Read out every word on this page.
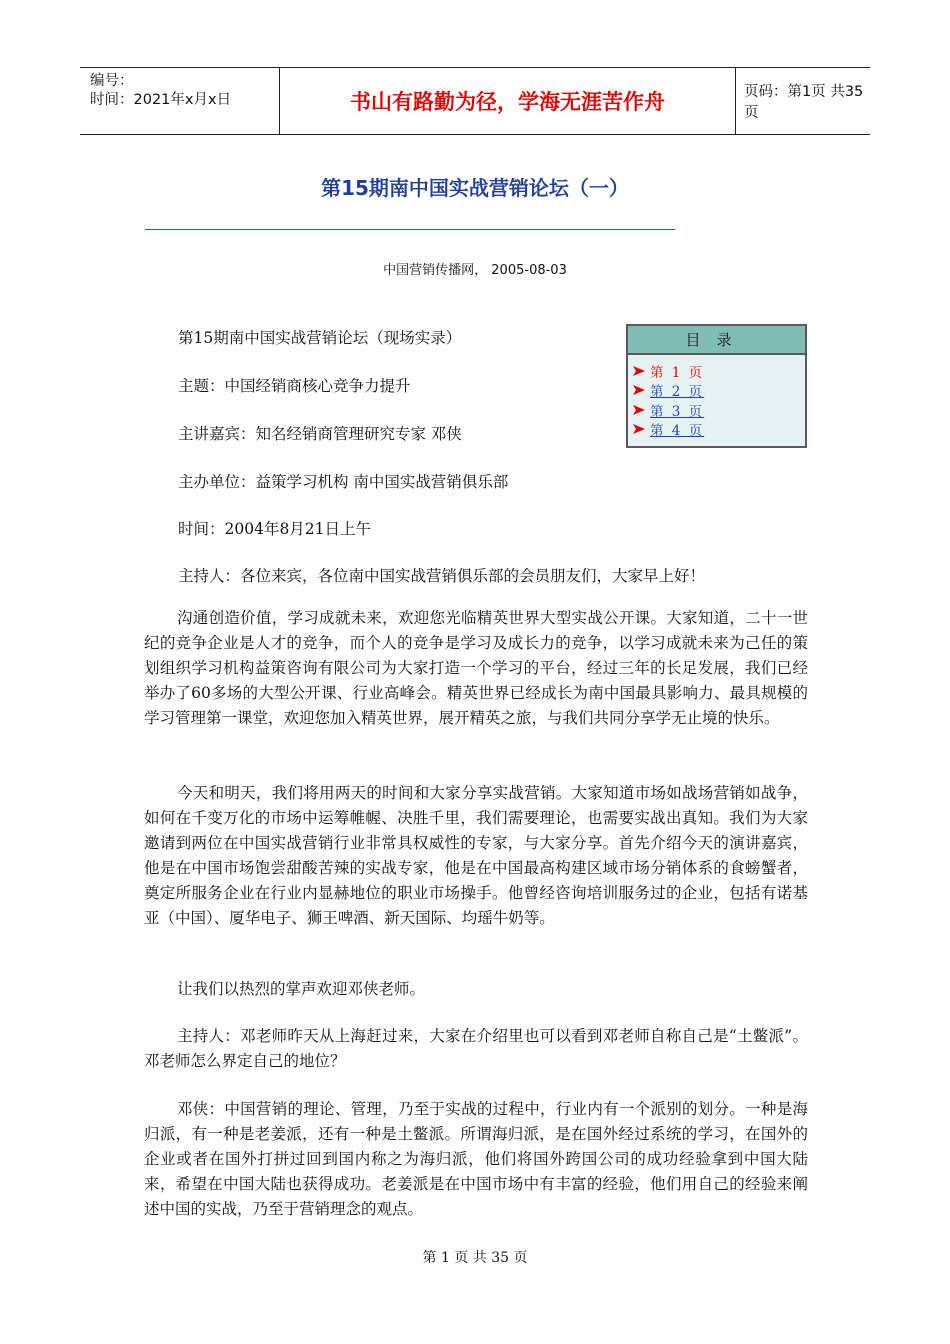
编号：
时间：2021年x月x日	书山有路勤为径，学海无涯苦作舟	页码：第1页 共35页
第15期南中国实战营销论坛（一）
中国营销传播网， 2005-08-03
第15期南中国实战营销论坛（现场实录）
主题：中国经销商核心竞争力提升
主讲嘉宾：知名经销商管理研究专家 邓侠
主办单位：益策学习机构 南中国实战营销俱乐部
时间：2004年8月21日上午
主持人：各位来宾，各位南中国实战营销俱乐部的会员朋友们，大家早上好！
目录
第 1 页
第 2 页
第 3 页
第 4 页
沟通创造价值，学习成就未来，欢迎您光临精英世界大型实战公开课。大家知道，二十一世纪的竞争企业是人才的竞争，而个人的竞争是学习及成长力的竞争，以学习成就未来为己任的策划组织学习机构益策咨询有限公司为大家打造一个学习的平台，经过三年的长足发展，我们已经举办了60多场的大型公开课、行业高峰会。精英世界已经成长为南中国最具影响力、最具规模的学习管理第一课堂，欢迎您加入精英世界，展开精英之旅，与我们共同分享学无止境的快乐。
今天和明天，我们将用两天的时间和大家分享实战营销。大家知道市场如战场营销如战争，如何在千变万化的市场中运筹帷幄、决胜千里，我们需要理论，也需要实战出真知。我们为大家邀请到两位在中国实战营销行业非常具权威性的专家，与大家分享。首先介绍今天的演讲嘉宾，他是在中国市场饱尝甜酸苦辣的实战专家，他是在中国最高构建区域市场分销体系的食螃蟹者，奠定所服务企业在行业内显赫地位的职业市场操手。他曾经咨询培训服务过的企业，包括有诺基亚（中国）、厦华电子、狮王啤酒、新天国际、均瑶牛奶等。
让我们以热烈的掌声欢迎邓侠老师。
主持人：邓老师昨天从上海赶过来，大家在介绍里也可以看到邓老师自称自己是“土鳖派”。邓老师怎么界定自己的地位？
邓侠：中国营销的理论、管理，乃至于实战的过程中，行业内有一个派别的划分。一种是海归派，有一种是老姜派，还有一种是土鳖派。所谓海归派，是在国外经过系统的学习，在国外的企业或者在国外打拼过回到国内称之为海归派，他们将国外跨国公司的成功经验拿到中国大陆来，希望在中国大陆也获得成功。老姜派是在中国市场中有丰富的经验，他们用自己的经验来阐述中国的实战，乃至于营销理念的观点。
第 1 页 共 35 页
